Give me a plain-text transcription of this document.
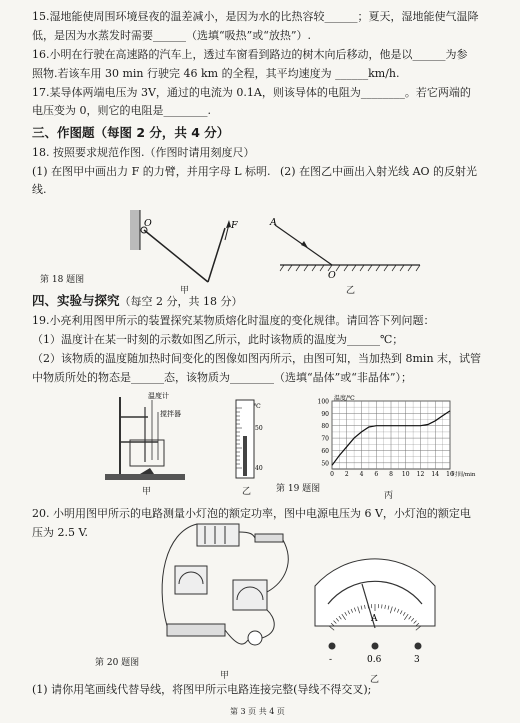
15.湿地能使周围环境昼夜的温差减小，是因为水的比热容较______；夏天，湿地能使气温降
低，是因为水蒸发时需要______（选填“吸热”或“放热”）.
16.小明在行驶在高速路的汽车上，透过车窗看到路边的树木向后移动，他是以______为参
照物.若该车用 30 min 行驶完 46 km 的全程，其平均速度为 ______km/h.
17.某导体两端电压为 3V，通过的电流为 0.1A，则该导体的电阻为________。若它两端的
电压变为 0，则它的电阻是________.
三、作图题（每图 2 分，共 4 分）
18. 按照要求规范作图.（作图时请用刻度尺）
(1) 在图甲中画出力 F 的力臂，并用字母 L 标明. (2) 在图乙中画出入射光线 AO 的反射光
线.
O	F	A
O
第 18 题图
甲	乙
四、实验与探究（每空 2 分，共 18 分）
19.小亮利用图甲所示的装置探究某物质熔化时温度的变化规律。请回答下列问题：
（1）温度计在某一时刻的示数如图乙所示，此时该物质的温度为______℃；
（2）该物质的温度随加热时间变化的图像如图丙所示，由图可知，当加热到 8min 末，试管
中物质所处的物态是______态，该物质为________（选填“晶体”或“非晶体”）；
温度计
搅拌器
℃
50
40
50
60
70
80
90
100
0 2 4 6 8 10 12 14 16
温度/℃
时间/min
第 19 题图
甲	乙	丙
20. 小明用图甲所示的电路测量小灯泡的额定功率，图中电源电压为 6 V，小灯泡的额定电
压为 2.5 V.
第 20 题图
甲
A
-	0.6	3
乙
(1) 请你用笔画线代替导线，将图甲所示电路连接完整(导线不得交叉);
第 3 页 共 4 页
